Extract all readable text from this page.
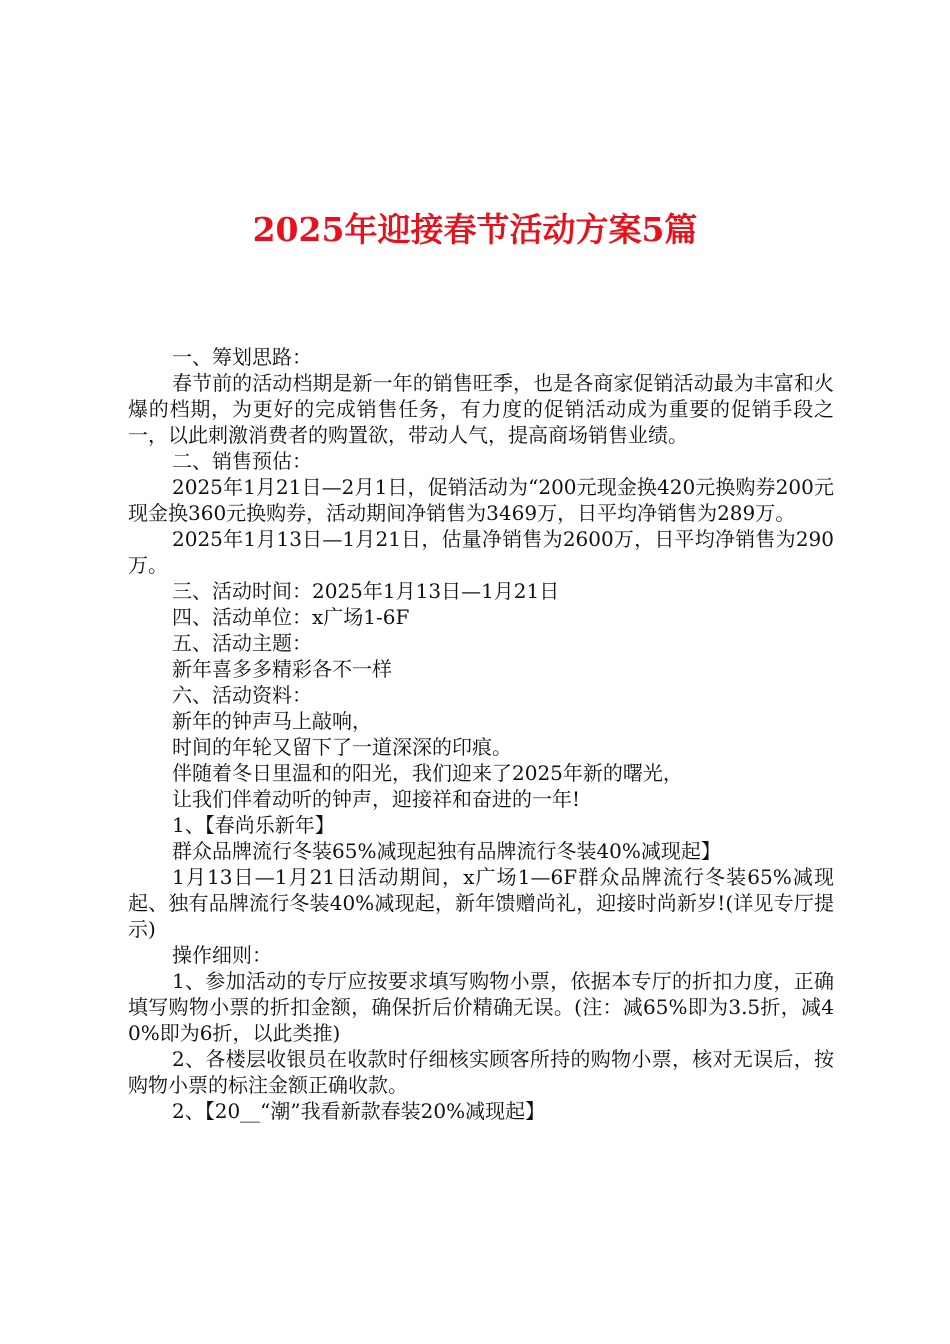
2025年迎接春节活动方案5篇

一、筹划思路：

春节前的活动档期是新一年的销售旺季，也是各商家促销活动最为丰富和火爆的档期，为更好的完成销售任务，有力度的促销活动成为重要的促销手段之一，以此刺激消费者的购置欲，带动人气，提高商场销售业绩。

二、销售预估：

2025年1月21日—2月1日，促销活动为“200元现金换420元换购券200元现金换360元换购券，活动期间净销售为3469万，日平均净销售为289万。

2025年1月13日—1月21日，估量净销售为2600万，日平均净销售为290万。

三、活动时间：2025年1月13日—1月21日

四、活动单位：x广场1-6F

五、活动主题：

新年喜多多精彩各不一样

六、活动资料：

新年的钟声马上敲响，

时间的年轮又留下了一道深深的印痕。

伴随着冬日里温和的阳光，我们迎来了2025年新的曙光，

让我们伴着动听的钟声，迎接祥和奋进的一年!

1、【春尚乐新年】

群众品牌流行冬装65%减现起独有品牌流行冬装40%减现起】

1月13日—1月21日活动期间，x广场1—6F群众品牌流行冬装65%减现起、独有品牌流行冬装40%减现起，新年馈赠尚礼，迎接时尚新岁!(详见专厅提示)

操作细则：

1、参加活动的专厅应按要求填写购物小票，依据本专厅的折扣力度，正确填写购物小票的折扣金额，确保折后价精确无误。(注：减65%即为3.5折，减40%即为6折，以此类推)

2、各楼层收银员在收款时仔细核实顾客所持的购物小票，核对无误后，按购物小票的标注金额正确收款。

2、【20__“潮”我看新款春装20%减现起】
